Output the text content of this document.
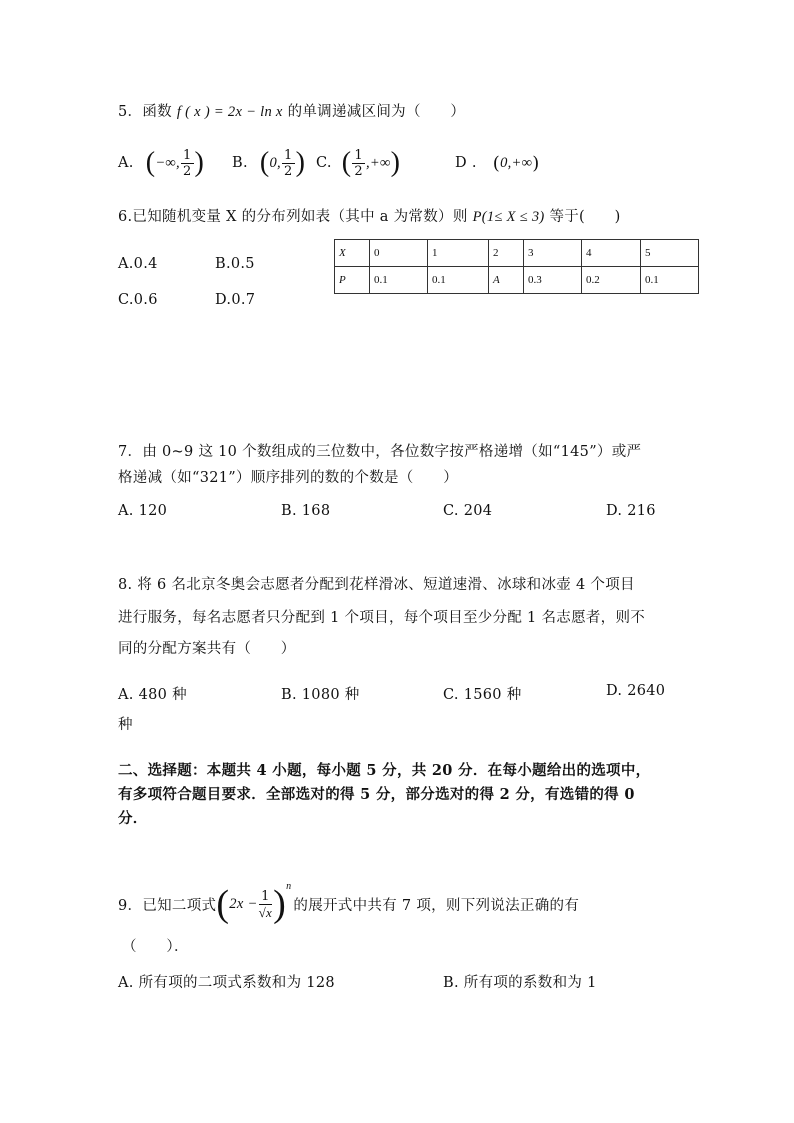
5．函数 f ( x ) = 2x − ln x 的单调递减区间为（　　）
A. ( −∞, $\frac{1}{2}$ ) B. ( 0, $\frac{1}{2}$ ) C. ( $\frac{1}{2}$ ,+∞ )	D . ( 0,+∞ )
6.已知随机变量 X 的分布列如表（其中 a 为常数）则 P(1≤ X ≤ 3) 等于(　　)
A.0.4	B.0.5
C.0.6	D.0.7
X	0	1	2	3	4	5
P	0.1	0.1	A	0.3	0.2	0.1
7．由 0~9 这 10 个数组成的三位数中，各位数字按严格递增（如“145”）或严
格递减（如“321”）顺序排列的数的个数是（　　）
A. 120	B. 168	C. 204	D. 216
8. 将 6 名北京冬奥会志愿者分配到花样滑冰、短道速滑、冰球和冰壶 4 个项目
进行服务，每名志愿者只分配到 1 个项目，每个项目至少分配 1 名志愿者，则不
同的分配方案共有（　　）
A. 480 种	B. 1080 种	C. 1560 种	D. 2640
种
二、选择题：本题共 4 小题，每小题 5 分，共 20 分．在每小题给出的选项中，
有多项符合题目要求．全部选对的得 5 分，部分选对的得 2 分，有选错的得 0
分．
9．已知二项式 ( $2x - \frac{1}{√x}$ ) n
的展开式中共有 7 项，则下列说法正确的有
（　　）．
A. 所有项的二项式系数和为 128	B. 所有项的系数和为 1
